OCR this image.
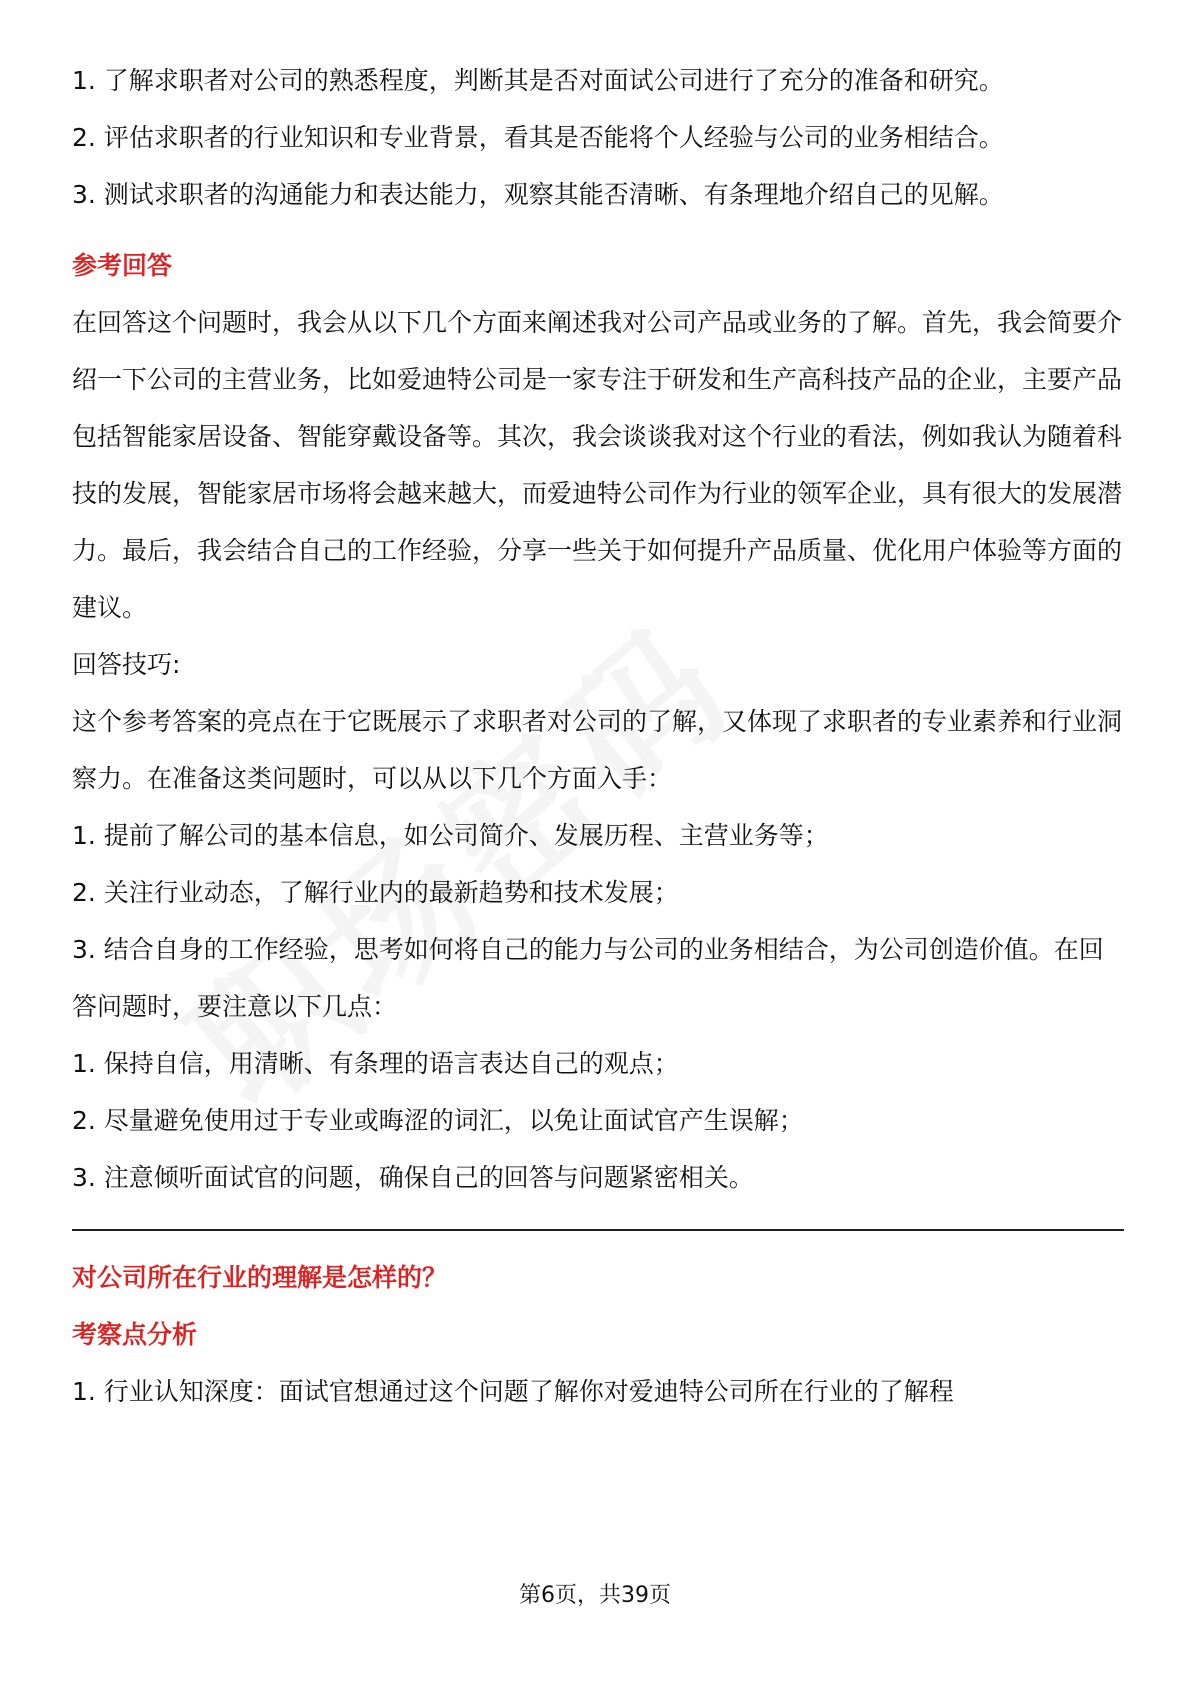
1. 了解求职者对公司的熟悉程度，判断其是否对面试公司进行了充分的准备和研究。

2. 评估求职者的行业知识和专业背景，看其是否能将个人经验与公司的业务相结合。

3. 测试求职者的沟通能力和表达能力，观察其能否清晰、有条理地介绍自己的见解。

参考回答

在回答这个问题时，我会从以下几个方面来阐述我对公司产品或业务的了解。首先，我会简要介绍一下公司的主营业务，比如爱迪特公司是一家专注于研发和生产高科技产品的企业，主要产品包括智能家居设备、智能穿戴设备等。其次，我会谈谈我对这个行业的看法，例如我认为随着科技的发展，智能家居市场将会越来越大，而爱迪特公司作为行业的领军企业，具有很大的发展潜力。最后，我会结合自己的工作经验，分享一些关于如何提升产品质量、优化用户体验等方面的建议。

回答技巧:

这个参考答案的亮点在于它既展示了求职者对公司的了解，又体现了求职者的专业素养和行业洞察力。在准备这类问题时，可以从以下几个方面入手：

1. 提前了解公司的基本信息，如公司简介、发展历程、主营业务等；

2. 关注行业动态，了解行业内的最新趋势和技术发展；

3. 结合自身的工作经验，思考如何将自己的能力与公司的业务相结合，为公司创造价值。在回答问题时，要注意以下几点：

1. 保持自信，用清晰、有条理的语言表达自己的观点；

2. 尽量避免使用过于专业或晦涩的词汇，以免让面试官产生误解；

3. 注意倾听面试官的问题，确保自己的回答与问题紧密相关。

对公司所在行业的理解是怎样的？

考察点分析

1. 行业认知深度：面试官想通过这个问题了解你对爱迪特公司所在行业的了解程

第6页，共39页
